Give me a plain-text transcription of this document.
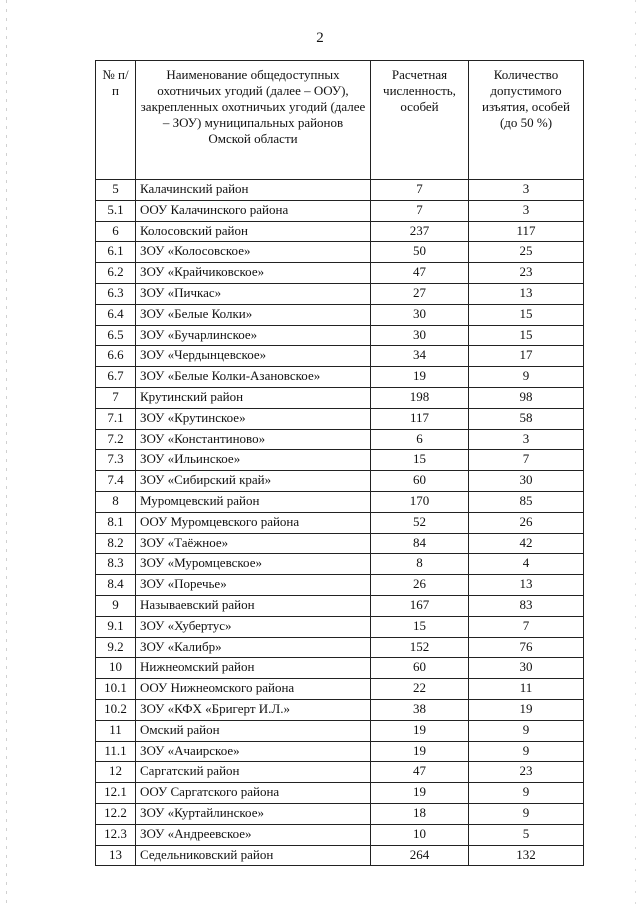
2
№ п/п	Наименование общедоступных охотничьих угодий (далее – ООУ), закрепленных охотничьих угодий (далее – ЗОУ) муниципальных районов Омской области	Расчетная численность, особей	Количество допустимого изъятия, особей (до 50 %)
5	Калачинский район	7	3
5.1	ООУ Калачинского района	7	3
6	Колосовский район	237	117
6.1	ЗОУ «Колосовское»	50	25
6.2	ЗОУ «Крайчиковское»	47	23
6.3	ЗОУ «Пичкас»	27	13
6.4	ЗОУ «Белые Колки»	30	15
6.5	ЗОУ «Бучарлинское»	30	15
6.6	ЗОУ «Чердынцевское»	34	17
6.7	ЗОУ «Белые Колки-Азановское»	19	9
7	Крутинский район	198	98
7.1	ЗОУ «Крутинское»	117	58
7.2	ЗОУ «Константиново»	6	3
7.3	ЗОУ «Ильинское»	15	7
7.4	ЗОУ «Сибирский край»	60	30
8	Муромцевский район	170	85
8.1	ООУ Муромцевского района	52	26
8.2	ЗОУ «Таёжное»	84	42
8.3	ЗОУ «Муромцевское»	8	4
8.4	ЗОУ «Поречье»	26	13
9	Называевский район	167	83
9.1	ЗОУ «Хубертус»	15	7
9.2	ЗОУ «Калибр»	152	76
10	Нижнеомский район	60	30
10.1	ООУ Нижнеомского района	22	11
10.2	ЗОУ «КФХ «Бригерт И.Л.»	38	19
11	Омский район	19	9
11.1	ЗОУ «Ачаирское»	19	9
12	Саргатский район	47	23
12.1	ООУ Саргатского района	19	9
12.2	ЗОУ «Куртайлинское»	18	9
12.3	ЗОУ «Андреевское»	10	5
13	Седельниковский район	264	132
